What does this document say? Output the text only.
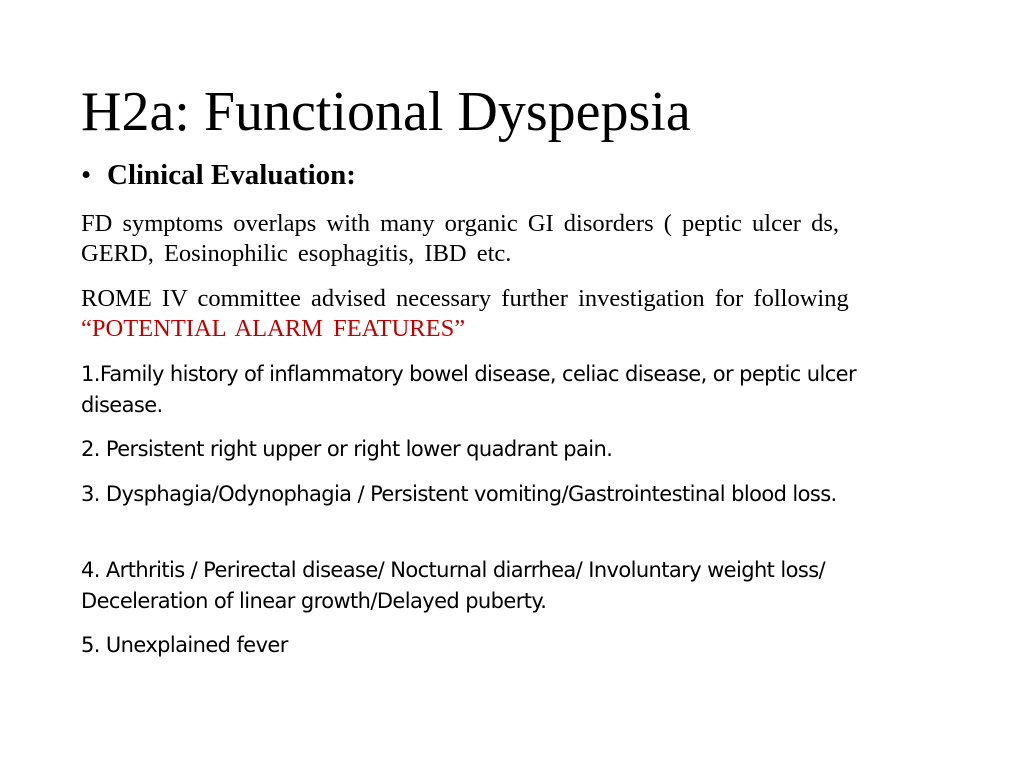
H2a: Functional Dyspepsia
• Clinical Evaluation:

FD symptoms overlaps with many organic GI disorders ( peptic ulcer ds, GERD, Eosinophilic esophagitis, IBD etc.

ROME IV committee advised necessary further investigation for following “POTENTIAL ALARM FEATURES”

1.Family history of inflammatory bowel disease, celiac disease, or peptic ulcer disease.

2. Persistent right upper or right lower quadrant pain.

3. Dysphagia/Odynophagia / Persistent vomiting/Gastrointestinal blood loss.

4. Arthritis / Perirectal disease/ Nocturnal diarrhea/ Involuntary weight loss/ Deceleration of linear growth/Delayed puberty.

5. Unexplained fever
